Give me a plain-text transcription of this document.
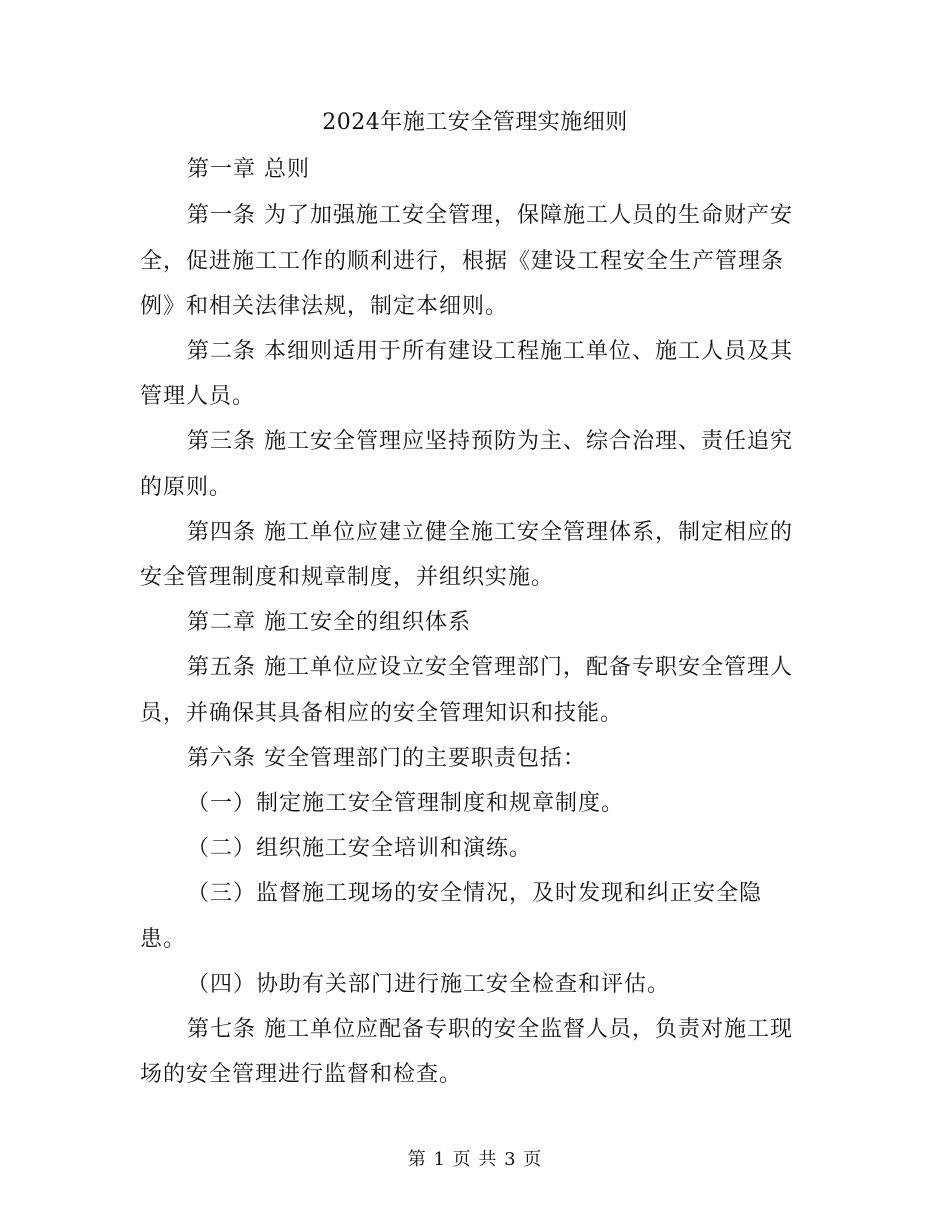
2024年施工安全管理实施细则
第一章 总则
第一条 为了加强施工安全管理，保障施工人员的生命财产安
全，促进施工工作的顺利进行，根据《建设工程安全生产管理条
例》和相关法律法规，制定本细则。
第二条 本细则适用于所有建设工程施工单位、施工人员及其
管理人员。
第三条 施工安全管理应坚持预防为主、综合治理、责任追究
的原则。
第四条 施工单位应建立健全施工安全管理体系，制定相应的
安全管理制度和规章制度，并组织实施。
第二章 施工安全的组织体系
第五条 施工单位应设立安全管理部门，配备专职安全管理人
员，并确保其具备相应的安全管理知识和技能。
第六条 安全管理部门的主要职责包括：
（一）制定施工安全管理制度和规章制度。
（二）组织施工安全培训和演练。
（三）监督施工现场的安全情况，及时发现和纠正安全隐
患。
（四）协助有关部门进行施工安全检查和评估。
第七条 施工单位应配备专职的安全监督人员，负责对施工现
场的安全管理进行监督和检查。
第 1 页 共 3 页
